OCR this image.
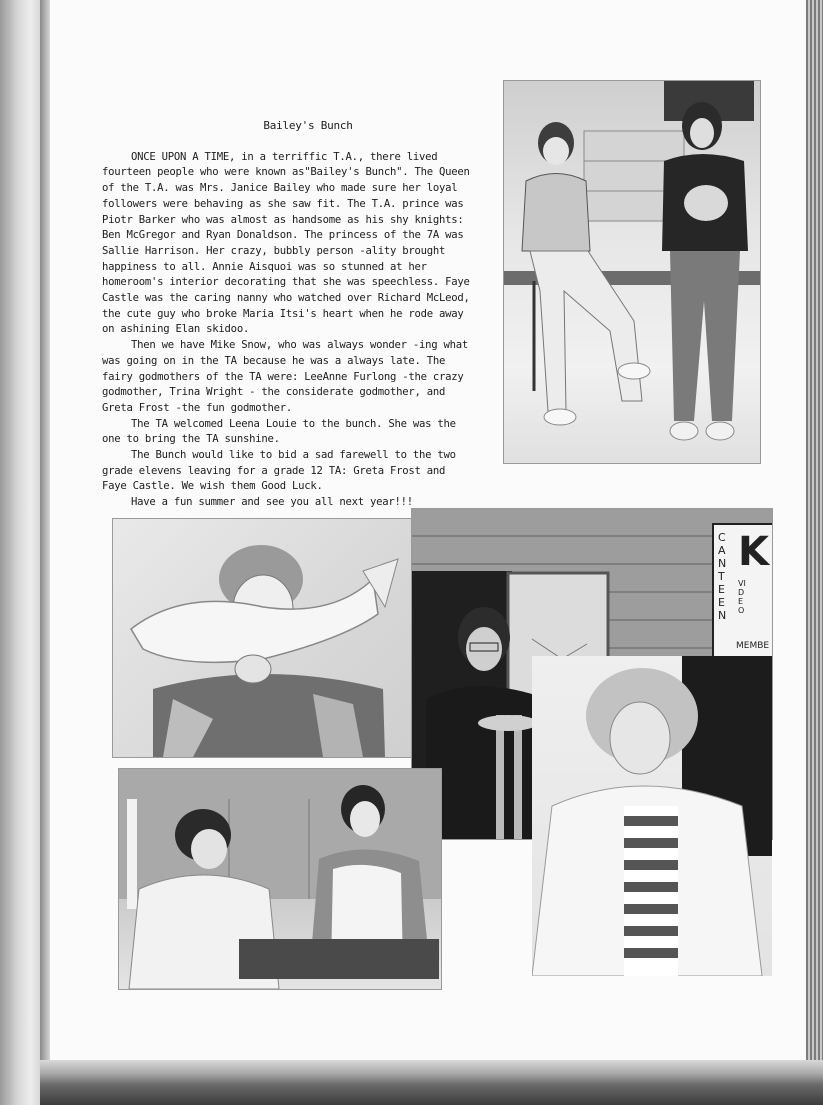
Bailey's Bunch

ONCE UPON A TIME, in a terriffic T.A., there lived fourteen people who were known as"Bailey's Bunch". The Queen of the T.A. was Mrs. Janice Bailey who made sure her loyal followers were behaving as she saw fit. The T.A. prince was Piotr Barker who was almost as handsome as his shy knights: Ben McGregor and Ryan Donaldson. The princess of the 7A was Sallie Harrison. Her crazy, bubbly person -ality brought happiness to all. Annie Aisquoi was so stunned at her homeroom's interior decorating that she was speechless. Faye Castle was the caring nanny who watched over Richard McLeod, the cute guy who broke Maria Itsi's heart when he rode away on ashining Elan skidoo.

Then we have Mike Snow, who was always wonder -ing what was going on in the TA because he was a always late. The fairy godmothers of the TA were: LeeAnne Furlong -the crazy godmother, Trina Wright - the considerate godmother, and Greta Frost -the fun godmother.

The TA welcomed Leena Louie to the bunch. She was the one to bring the TA sunshine.

The Bunch would like to bid a sad farewell to the two grade elevens leaving for a grade 12 TA: Greta Frost and Faye Castle. We wish them Good Luck.

Have a fun summer and see you all next year!!!

CANTEEN
VIDEO
K
MEMBE
